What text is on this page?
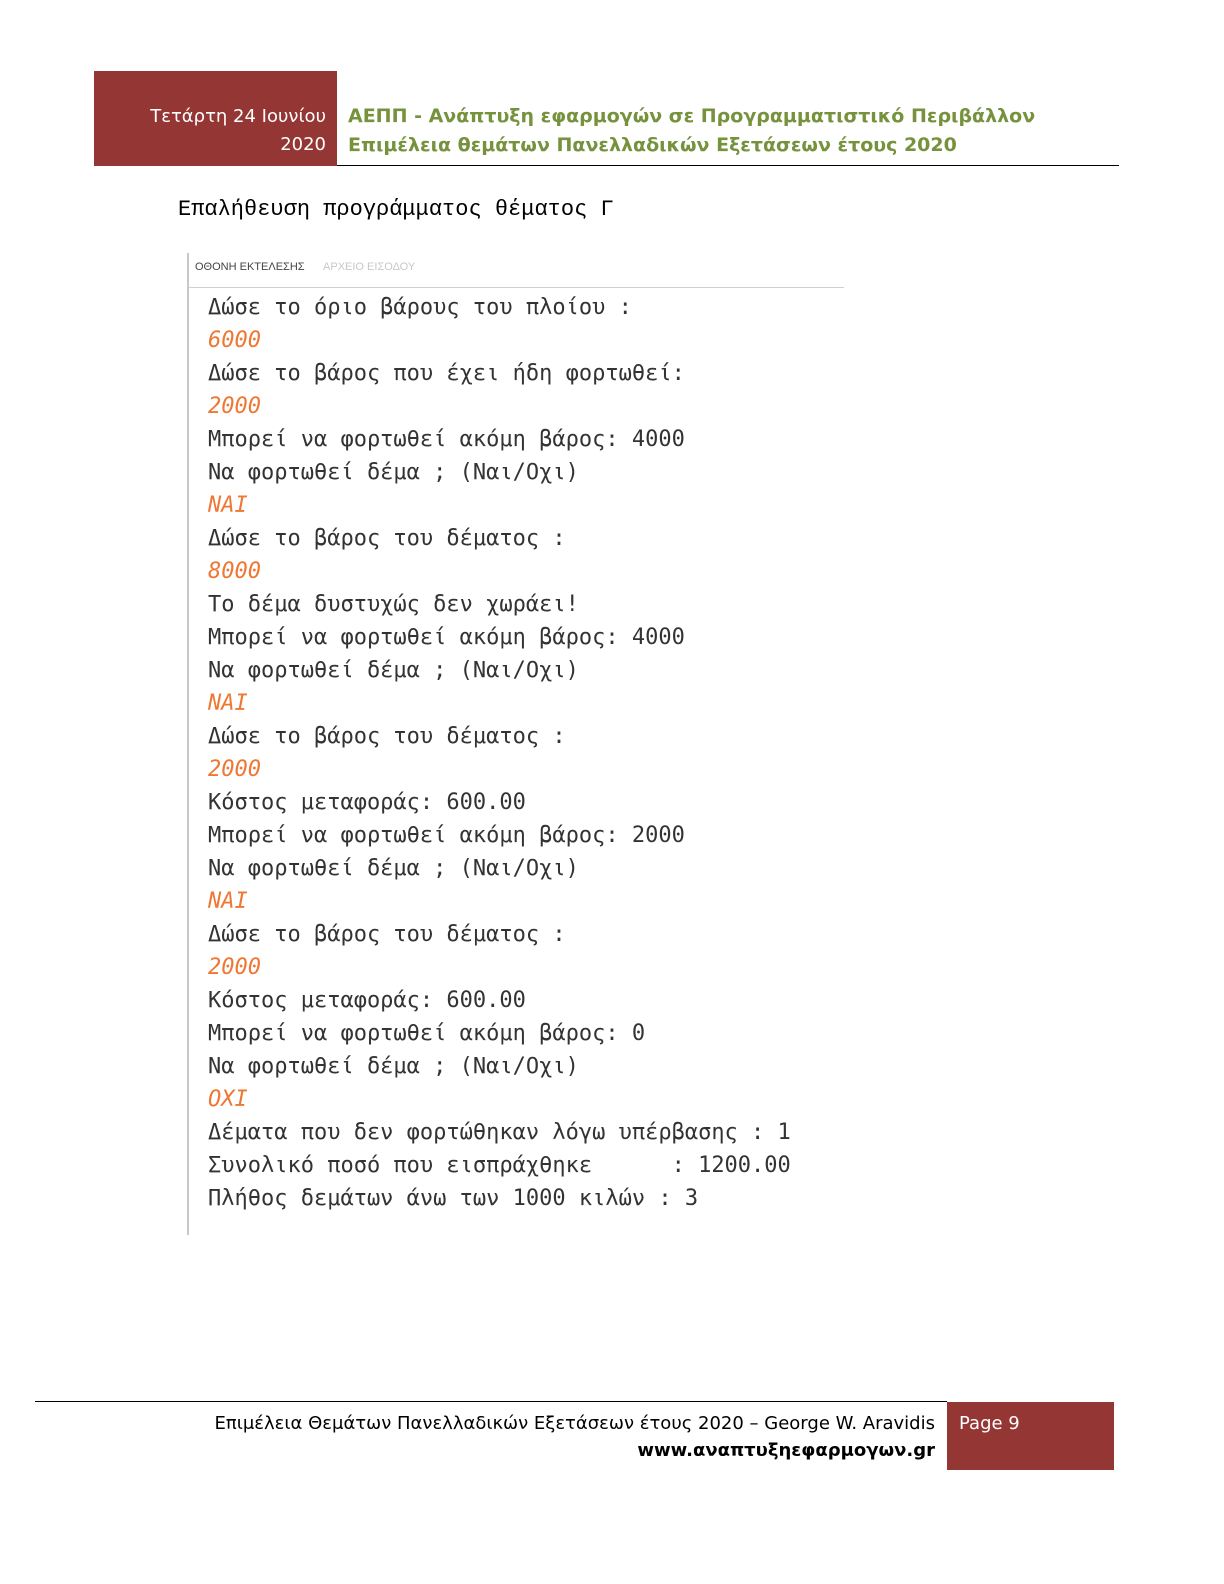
Τετάρτη 24 Ιουνίου
2020
ΑΕΠΠ - Ανάπτυξη εφαρμογών σε Προγραμματιστικό Περιβάλλον
Επιμέλεια θεμάτων Πανελλαδικών Εξετάσεων έτους 2020
Επαλήθευση προγράμματος θέματος Γ
ΟΘΟΝΗ ΕΚΤΕΛΕΣΗΣ ΑΡΧΕΙΟ ΕΙΣΟΔΟΥ
Δώσε το όριο βάρους του πλοίου :
6000
Δώσε το βάρος που έχει ήδη φορτωθεί:
2000
Μπορεί να φορτωθεί ακόμη βάρος: 4000
Να φορτωθεί δέμα ; (Ναι/Οχι)
ΝΑΙ
Δώσε το βάρος του δέματος :
8000
Το δέμα δυστυχώς δεν χωράει!
Μπορεί να φορτωθεί ακόμη βάρος: 4000
Να φορτωθεί δέμα ; (Ναι/Οχι)
ΝΑΙ
Δώσε το βάρος του δέματος :
2000
Κόστος μεταφοράς: 600.00
Μπορεί να φορτωθεί ακόμη βάρος: 2000
Να φορτωθεί δέμα ; (Ναι/Οχι)
ΝΑΙ
Δώσε το βάρος του δέματος :
2000
Κόστος μεταφοράς: 600.00
Μπορεί να φορτωθεί ακόμη βάρος: 0
Να φορτωθεί δέμα ; (Ναι/Οχι)
ΟΧΙ
Δέματα που δεν φορτώθηκαν λόγω υπέρβασης : 1
Συνολικό ποσό που εισπράχθηκε      : 1200.00
Πλήθος δεμάτων άνω των 1000 κιλών : 3
Επιμέλεια Θεμάτων Πανελλαδικών Εξετάσεων έτους 2020 – George W. Aravidis
www.αναπτυξηεφαρμογων.gr
Page 9
